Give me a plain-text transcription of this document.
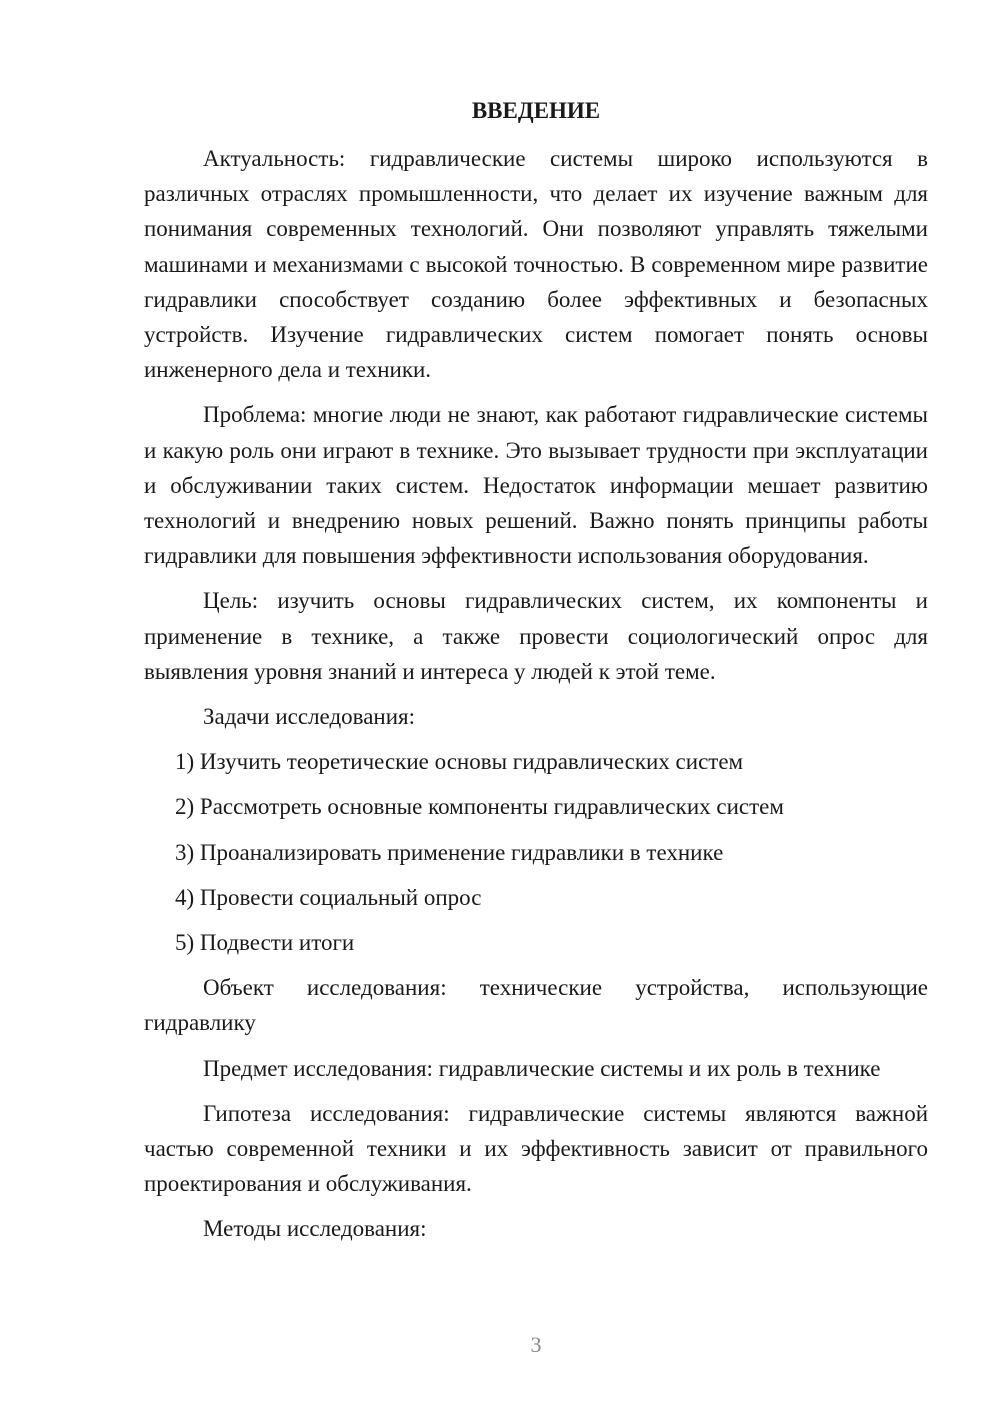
ВВЕДЕНИЕ

Актуальность: гидравлические системы широко используются в различных отраслях промышленности, что делает их изучение важным для понимания современных технологий. Они позволяют управлять тяжелыми машинами и механизмами с высокой точностью. В современном мире развитие гидравлики способствует созданию более эффективных и безопасных устройств. Изучение гидравлических систем помогает понять основы инженерного дела и техники.

Проблема: многие люди не знают, как работают гидравлические системы и какую роль они играют в технике. Это вызывает трудности при эксплуатации и обслуживании таких систем. Недостаток информации мешает развитию технологий и внедрению новых решений. Важно понять принципы работы гидравлики для повышения эффективности использования оборудования.

Цель: изучить основы гидравлических систем, их компоненты и применение в технике, а также провести социологический опрос для выявления уровня знаний и интереса у людей к этой теме.

Задачи исследования:

1) Изучить теоретические основы гидравлических систем

2) Рассмотреть основные компоненты гидравлических систем

3) Проанализировать применение гидравлики в технике

4) Провести социальный опрос

5) Подвести итоги

Объект исследования: технические устройства, использующие гидравлику

Предмет исследования: гидравлические системы и их роль в технике

Гипотеза исследования: гидравлические системы являются важной частью современной техники и их эффективность зависит от правильного проектирования и обслуживания.

Методы исследования:

3
